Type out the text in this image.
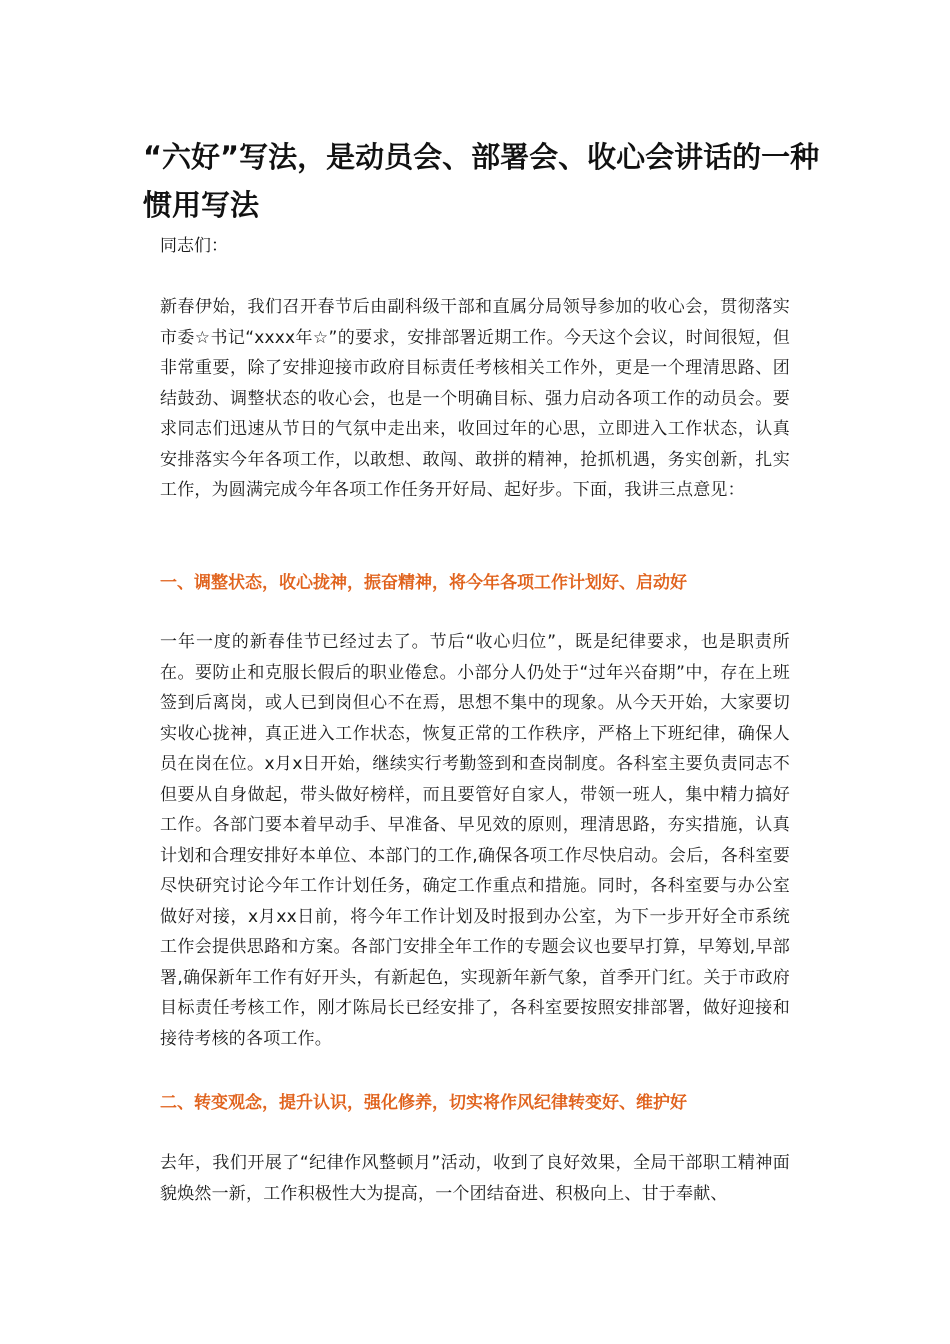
“六好”写法，是动员会、部署会、收心会讲话的一种惯用写法

同志们：

新春伊始，我们召开春节后由副科级干部和直属分局领导参加的收心会，贯彻落实市委☆书记“xxxx年☆”的要求，安排部署近期工作。今天这个会议，时间很短，但非常重要，除了安排迎接市政府目标责任考核相关工作外，更是一个理清思路、团结鼓劲、调整状态的收心会，也是一个明确目标、强力启动各项工作的动员会。要求同志们迅速从节日的气氛中走出来，收回过年的心思，立即进入工作状态，认真安排落实今年各项工作，以敢想、敢闯、敢拼的精神，抢抓机遇，务实创新，扎实工作，为圆满完成今年各项工作任务开好局、起好步。下面，我讲三点意见：

一、调整状态，收心拢神，振奋精神，将今年各项工作计划好、启动好

一年一度的新春佳节已经过去了。节后“收心归位”，既是纪律要求，也是职责所在。要防止和克服长假后的职业倦怠。小部分人仍处于“过年兴奋期”中，存在上班签到后离岗，或人已到岗但心不在焉，思想不集中的现象。从今天开始，大家要切实收心拢神，真正进入工作状态，恢复正常的工作秩序，严格上下班纪律，确保人员在岗在位。x月x日开始，继续实行考勤签到和查岗制度。各科室主要负责同志不但要从自身做起，带头做好榜样，而且要管好自家人，带领一班人，集中精力搞好工作。各部门要本着早动手、早准备、早见效的原则，理清思路，夯实措施，认真计划和合理安排好本单位、本部门的工作,确保各项工作尽快启动。会后，各科室要尽快研究讨论今年工作计划任务，确定工作重点和措施。同时，各科室要与办公室做好对接，x月xx日前，将今年工作计划及时报到办公室，为下一步开好全市系统工作会提供思路和方案。各部门安排全年工作的专题会议也要早打算，早筹划,早部署,确保新年工作有好开头，有新起色，实现新年新气象，首季开门红。关于市政府目标责任考核工作，刚才陈局长已经安排了，各科室要按照安排部署，做好迎接和接待考核的各项工作。

二、转变观念，提升认识，强化修养，切实将作风纪律转变好、维护好

去年，我们开展了“纪律作风整顿月”活动，收到了良好效果，全局干部职工精神面貌焕然一新，工作积极性大为提高，一个团结奋进、积极向上、甘于奉献、
